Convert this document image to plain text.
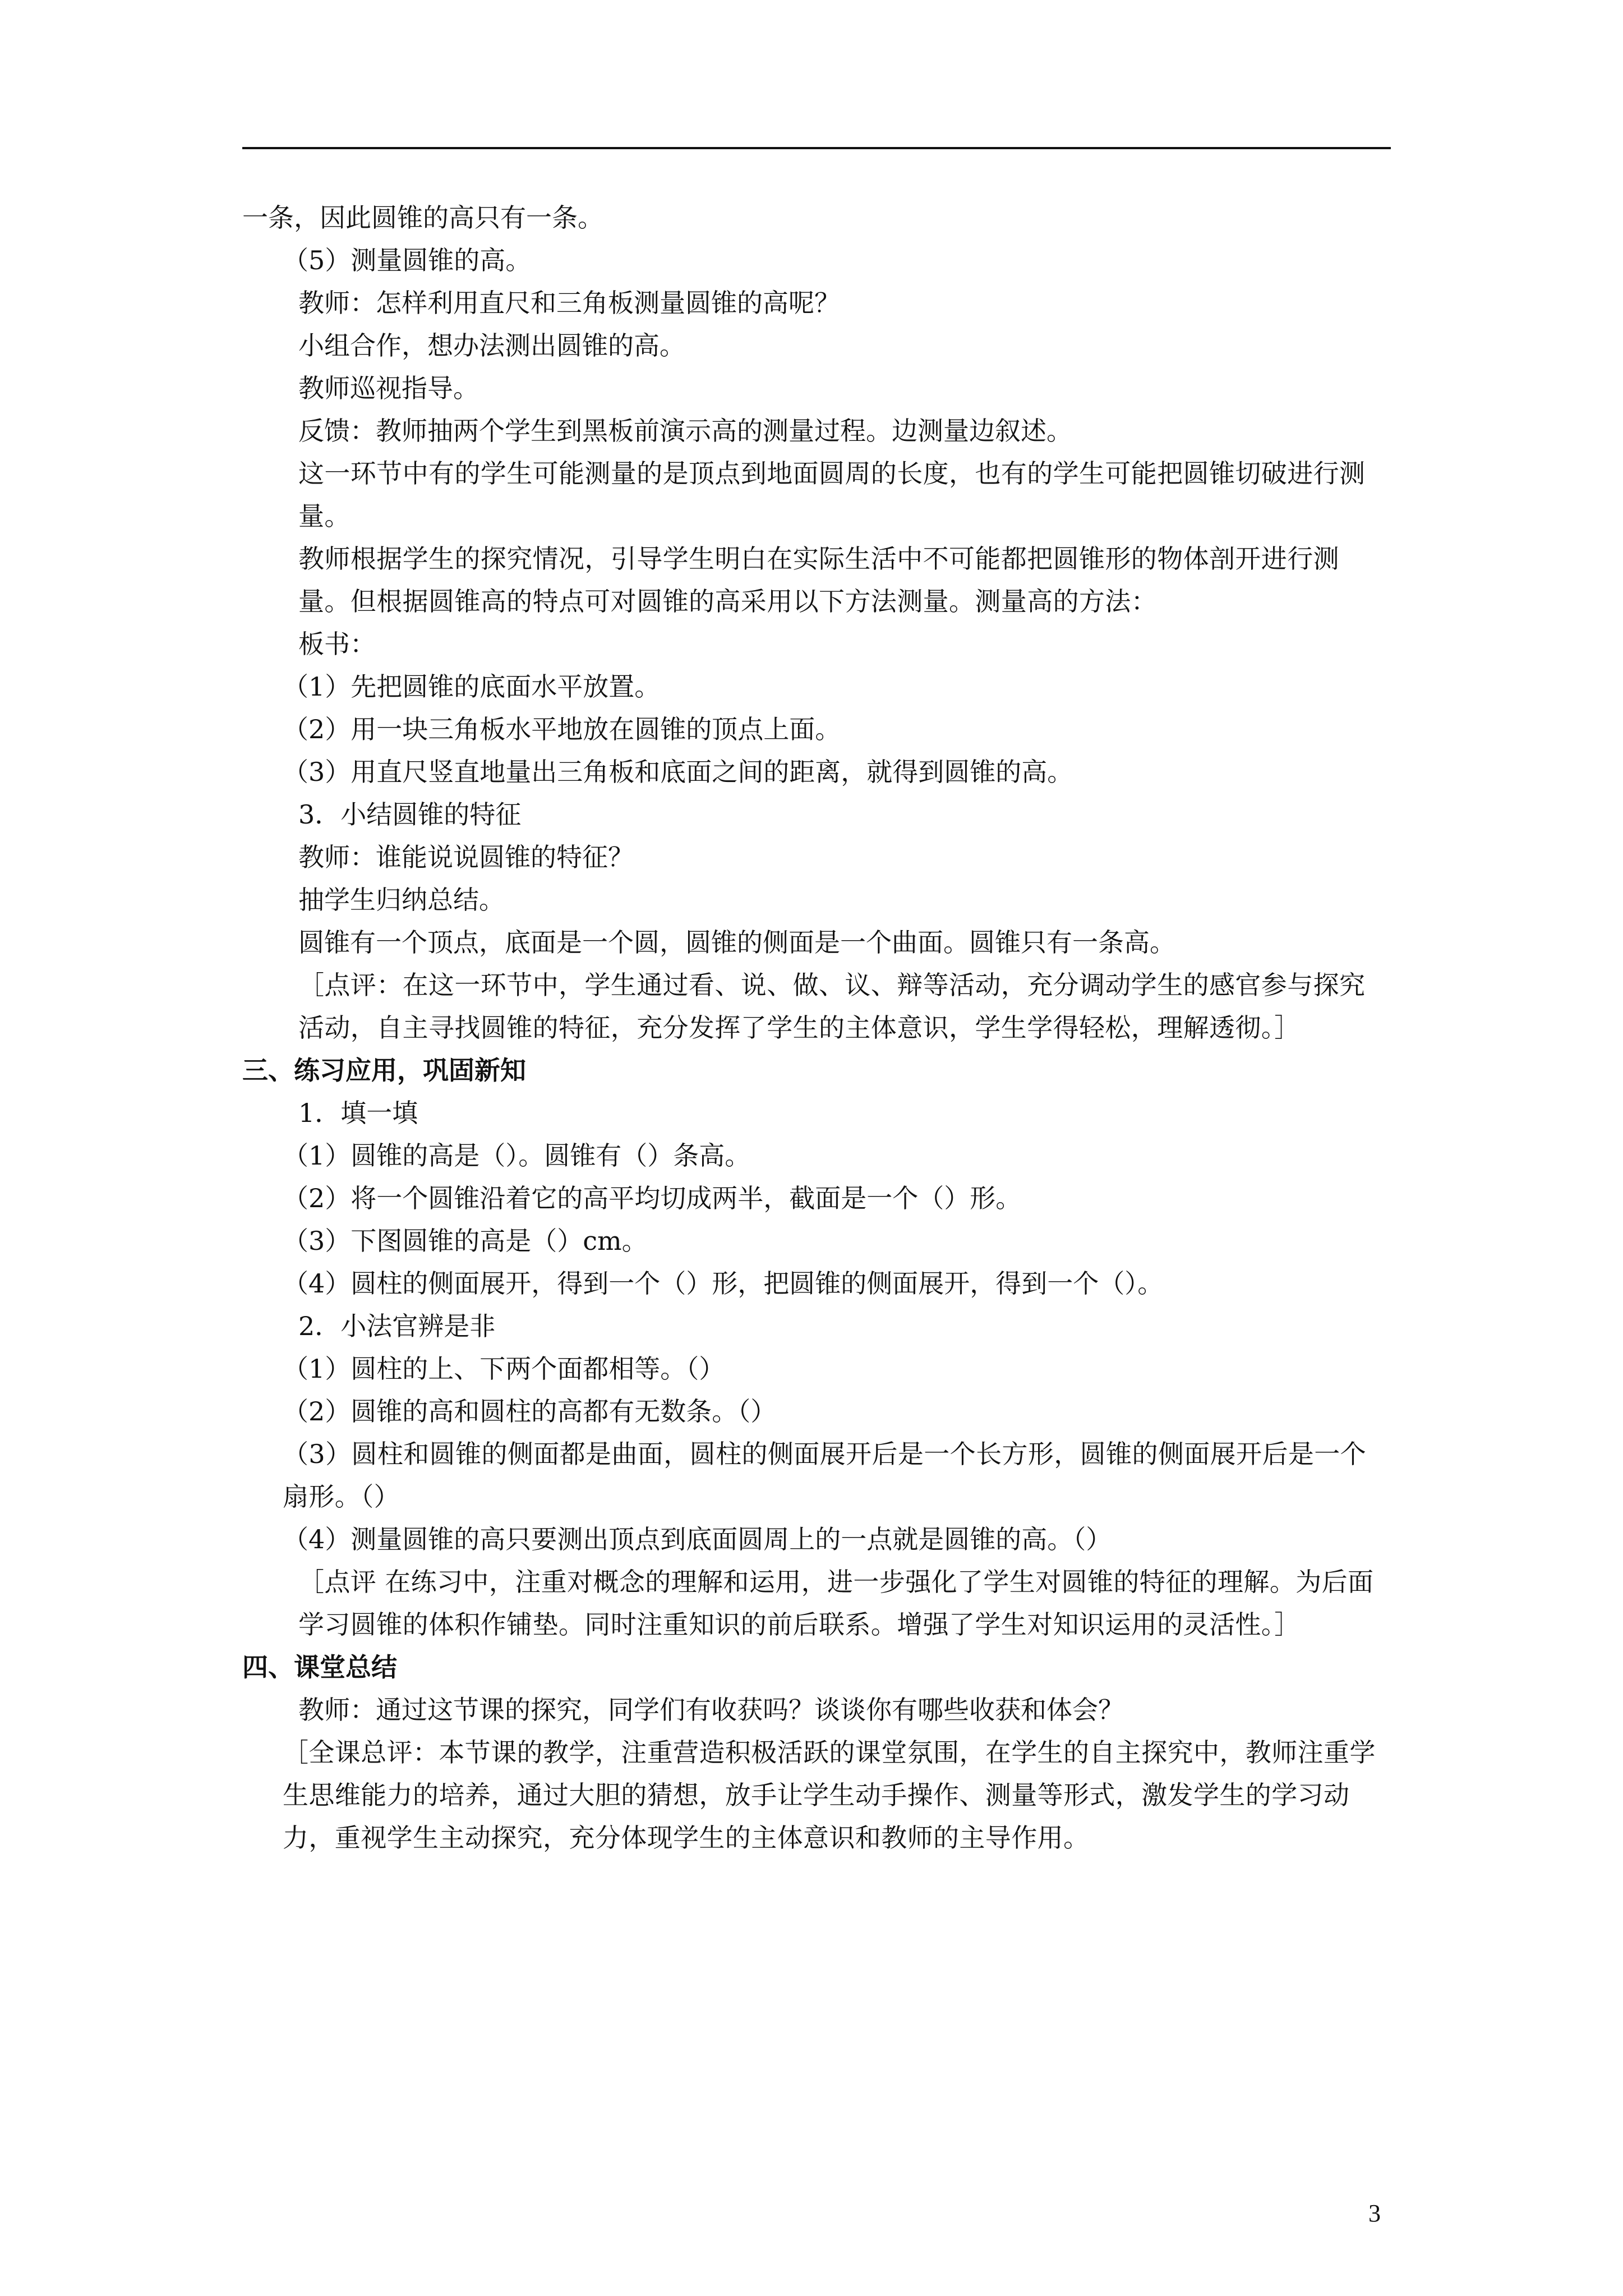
一条，因此圆锥的高只有一条。

（5）测量圆锥的高。

教师：怎样利用直尺和三角板测量圆锥的高呢？

小组合作，想办法测出圆锥的高。

教师巡视指导。

反馈：教师抽两个学生到黑板前演示高的测量过程。边测量边叙述。

这一环节中有的学生可能测量的是顶点到地面圆周的长度，也有的学生可能把圆锥切破进行测量。

教师根据学生的探究情况，引导学生明白在实际生活中不可能都把圆锥形的物体剖开进行测量。但根据圆锥高的特点可对圆锥的高采用以下方法测量。测量高的方法：

板书：

（1）先把圆锥的底面水平放置。

（2）用一块三角板水平地放在圆锥的顶点上面。

（3）用直尺竖直地量出三角板和底面之间的距离，就得到圆锥的高。

3．小结圆锥的特征

教师：谁能说说圆锥的特征？

抽学生归纳总结。

圆锥有一个顶点，底面是一个圆，圆锥的侧面是一个曲面。圆锥只有一条高。

［点评：在这一环节中，学生通过看、说、做、议、辩等活动，充分调动学生的感官参与探究活动，自主寻找圆锥的特征，充分发挥了学生的主体意识，学生学得轻松，理解透彻。］

三、练习应用，巩固新知

1．填一填

（1）圆锥的高是（）。圆锥有（）条高。

（2）将一个圆锥沿着它的高平均切成两半，截面是一个（）形。

（3）下图圆锥的高是（）cm。

（4）圆柱的侧面展开，得到一个（）形，把圆锥的侧面展开，得到一个（）。

2．小法官辨是非

（1）圆柱的上、下两个面都相等。（）

（2）圆锥的高和圆柱的高都有无数条。（）

（3）圆柱和圆锥的侧面都是曲面，圆柱的侧面展开后是一个长方形，圆锥的侧面展开后是一个扇形。（）

（4）测量圆锥的高只要测出顶点到底面圆周上的一点就是圆锥的高。（）

［点评 在练习中，注重对概念的理解和运用，进一步强化了学生对圆锥的特征的理解。为后面学习圆锥的体积作铺垫。同时注重知识的前后联系。增强了学生对知识运用的灵活性。］

四、课堂总结

教师：通过这节课的探究，同学们有收获吗？谈谈你有哪些收获和体会？

［全课总评：本节课的教学，注重营造积极活跃的课堂氛围，在学生的自主探究中，教师注重学生思维能力的培养，通过大胆的猜想，放手让学生动手操作、测量等形式，激发学生的学习动力，重视学生主动探究，充分体现学生的主体意识和教师的主导作用。

3
